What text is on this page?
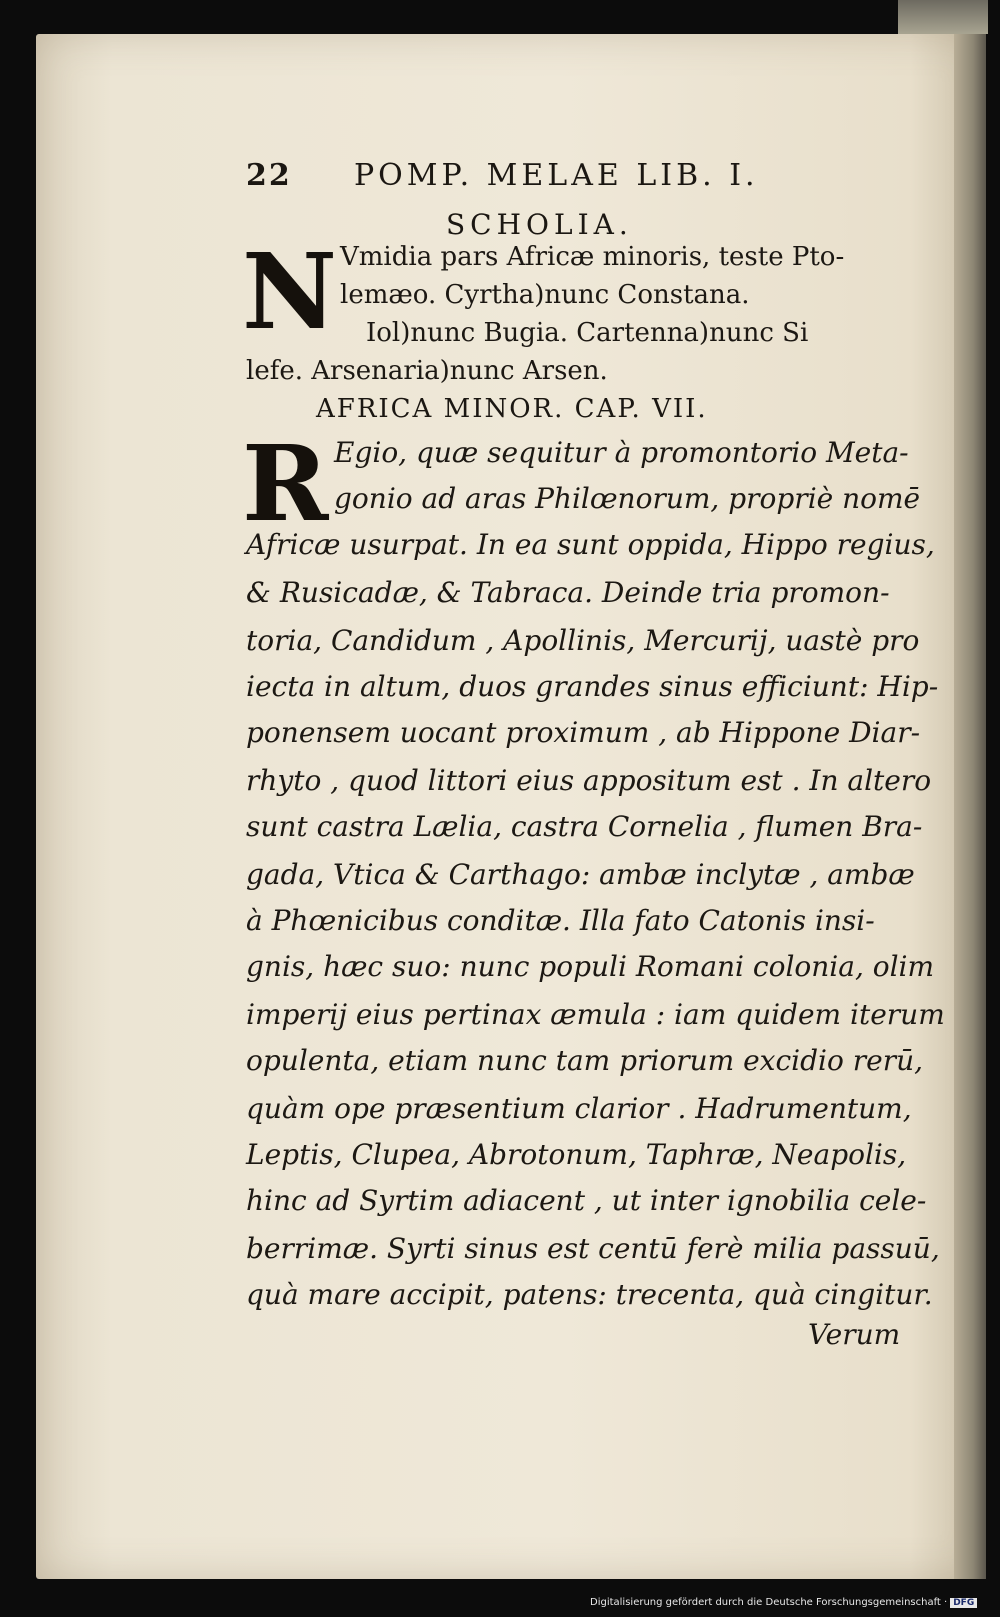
22 POMP. MELAE LIB. I.
SCHOLIA.
N Vmidia pars Africæ minoris, teste Pto-
lemæo. Cyrtha)nunc Constana.
Iol)nunc Bugia. Cartenna)nunc Si
lefe. Arsenaria)nunc Arsen.
AFRICA MINOR. CAP. VII.
R Egio, quæ sequitur à promontorio Meta-
gonio ad aras Philœnorum, propriè nomē
Africæ usurpat. In ea sunt oppida, Hippo regius,
& Rusicadæ, & Tabraca. Deinde tria promon-
toria, Candidum , Apollinis, Mercurij, uastè pro
iecta in altum, duos grandes sinus efficiunt: Hip-
ponensem uocant proximum , ab Hippone Diar-
rhyto , quod littori eius appositum est . In altero
sunt castra Lælia, castra Cornelia , flumen Bra-
gada, Vtica & Carthago: ambæ inclytæ , ambæ
à Phœnicibus conditæ. Illa fato Catonis insi-
gnis, hæc suo: nunc populi Romani colonia, olim
imperij eius pertinax æmula : iam quidem iterum
opulenta, etiam nunc tam priorum excidio rerū,
quàm ope præsentium clarior . Hadrumentum,
Leptis, Clupea, Abrotonum, Taphræ, Neapolis,
hinc ad Syrtim adiacent , ut inter ignobilia cele-
berrimæ. Syrti sinus est centū ferè milia passuū,
quà mare accipit, patens: trecenta, quà cingitur.
Verum
Digitalisierung gefördert durch die Deutsche Forschungsgemeinschaft · DFG
